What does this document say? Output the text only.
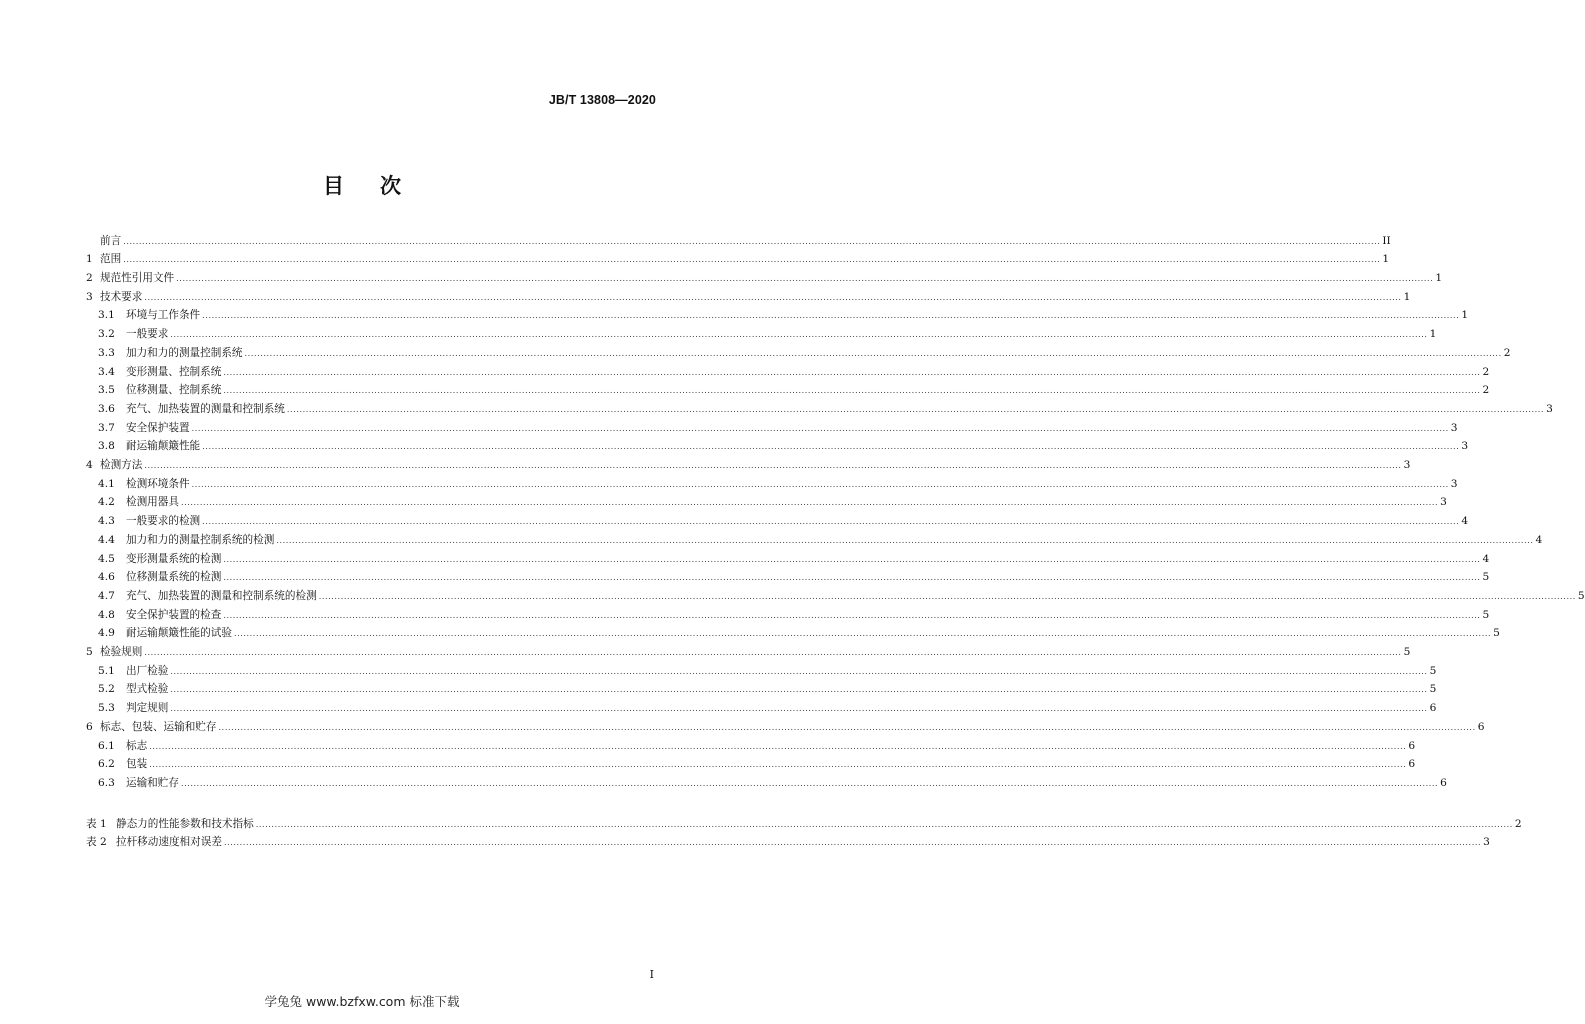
JB/T 13808—2020
目 次
前言 ................................................................................................................................................................................................................................................................................................................................................................................................................ II
1 范围 ................................................................................................................................................................................................................................................................................................................................................................................................................ 1
2 规范性引用文件 ................................................................................................................................................................................................................................................................................................................................................................................................................ 1
3 技术要求 ................................................................................................................................................................................................................................................................................................................................................................................................................ 1
3.1	环境与工作条件 ................................................................................................................................................................................................................................................................................................................................................................................................................ 1
3.2	一般要求 ................................................................................................................................................................................................................................................................................................................................................................................................................ 1
3.3	加力和力的测量控制系统 ................................................................................................................................................................................................................................................................................................................................................................................................................ 2
3.4	变形测量、控制系统 ................................................................................................................................................................................................................................................................................................................................................................................................................ 2
3.5	位移测量、控制系统 ................................................................................................................................................................................................................................................................................................................................................................................................................ 2
3.6	充气、加热装置的测量和控制系统 ................................................................................................................................................................................................................................................................................................................................................................................................................ 3
3.7	安全保护装置 ................................................................................................................................................................................................................................................................................................................................................................................................................ 3
3.8	耐运输颠簸性能 ................................................................................................................................................................................................................................................................................................................................................................................................................ 3
4 检测方法 ................................................................................................................................................................................................................................................................................................................................................................................................................ 3
4.1	检测环境条件 ................................................................................................................................................................................................................................................................................................................................................................................................................ 3
4.2	检测用器具 ................................................................................................................................................................................................................................................................................................................................................................................................................ 3
4.3	一般要求的检测 ................................................................................................................................................................................................................................................................................................................................................................................................................ 4
4.4	加力和力的测量控制系统的检测 ................................................................................................................................................................................................................................................................................................................................................................................................................ 4
4.5	变形测量系统的检测 ................................................................................................................................................................................................................................................................................................................................................................................................................ 4
4.6	位移测量系统的检测 ................................................................................................................................................................................................................................................................................................................................................................................................................ 5
4.7	充气、加热装置的测量和控制系统的检测 ................................................................................................................................................................................................................................................................................................................................................................................................................ 5
4.8	安全保护装置的检查 ................................................................................................................................................................................................................................................................................................................................................................................................................ 5
4.9	耐运输颠簸性能的试验 ................................................................................................................................................................................................................................................................................................................................................................................................................ 5
5 检验规则 ................................................................................................................................................................................................................................................................................................................................................................................................................ 5
5.1	出厂检验 ................................................................................................................................................................................................................................................................................................................................................................................................................ 5
5.2	型式检验 ................................................................................................................................................................................................................................................................................................................................................................................................................ 5
5.3	判定规则 ................................................................................................................................................................................................................................................................................................................................................................................................................ 6
6 标志、包装、运输和贮存 ................................................................................................................................................................................................................................................................................................................................................................................................................ 6
6.1	标志 ................................................................................................................................................................................................................................................................................................................................................................................................................ 6
6.2	包装 ................................................................................................................................................................................................................................................................................................................................................................................................................ 6
6.3	运输和贮存 ................................................................................................................................................................................................................................................................................................................................................................................................................ 6
表 1 静态力的性能参数和技术指标 ................................................................................................................................................................................................................................................................................................................................................................................................................ 2
表 2 拉杆移动速度相对误差 ................................................................................................................................................................................................................................................................................................................................................................................................................ 3
I
学兔兔 www.bzfxw.com 标准下载
